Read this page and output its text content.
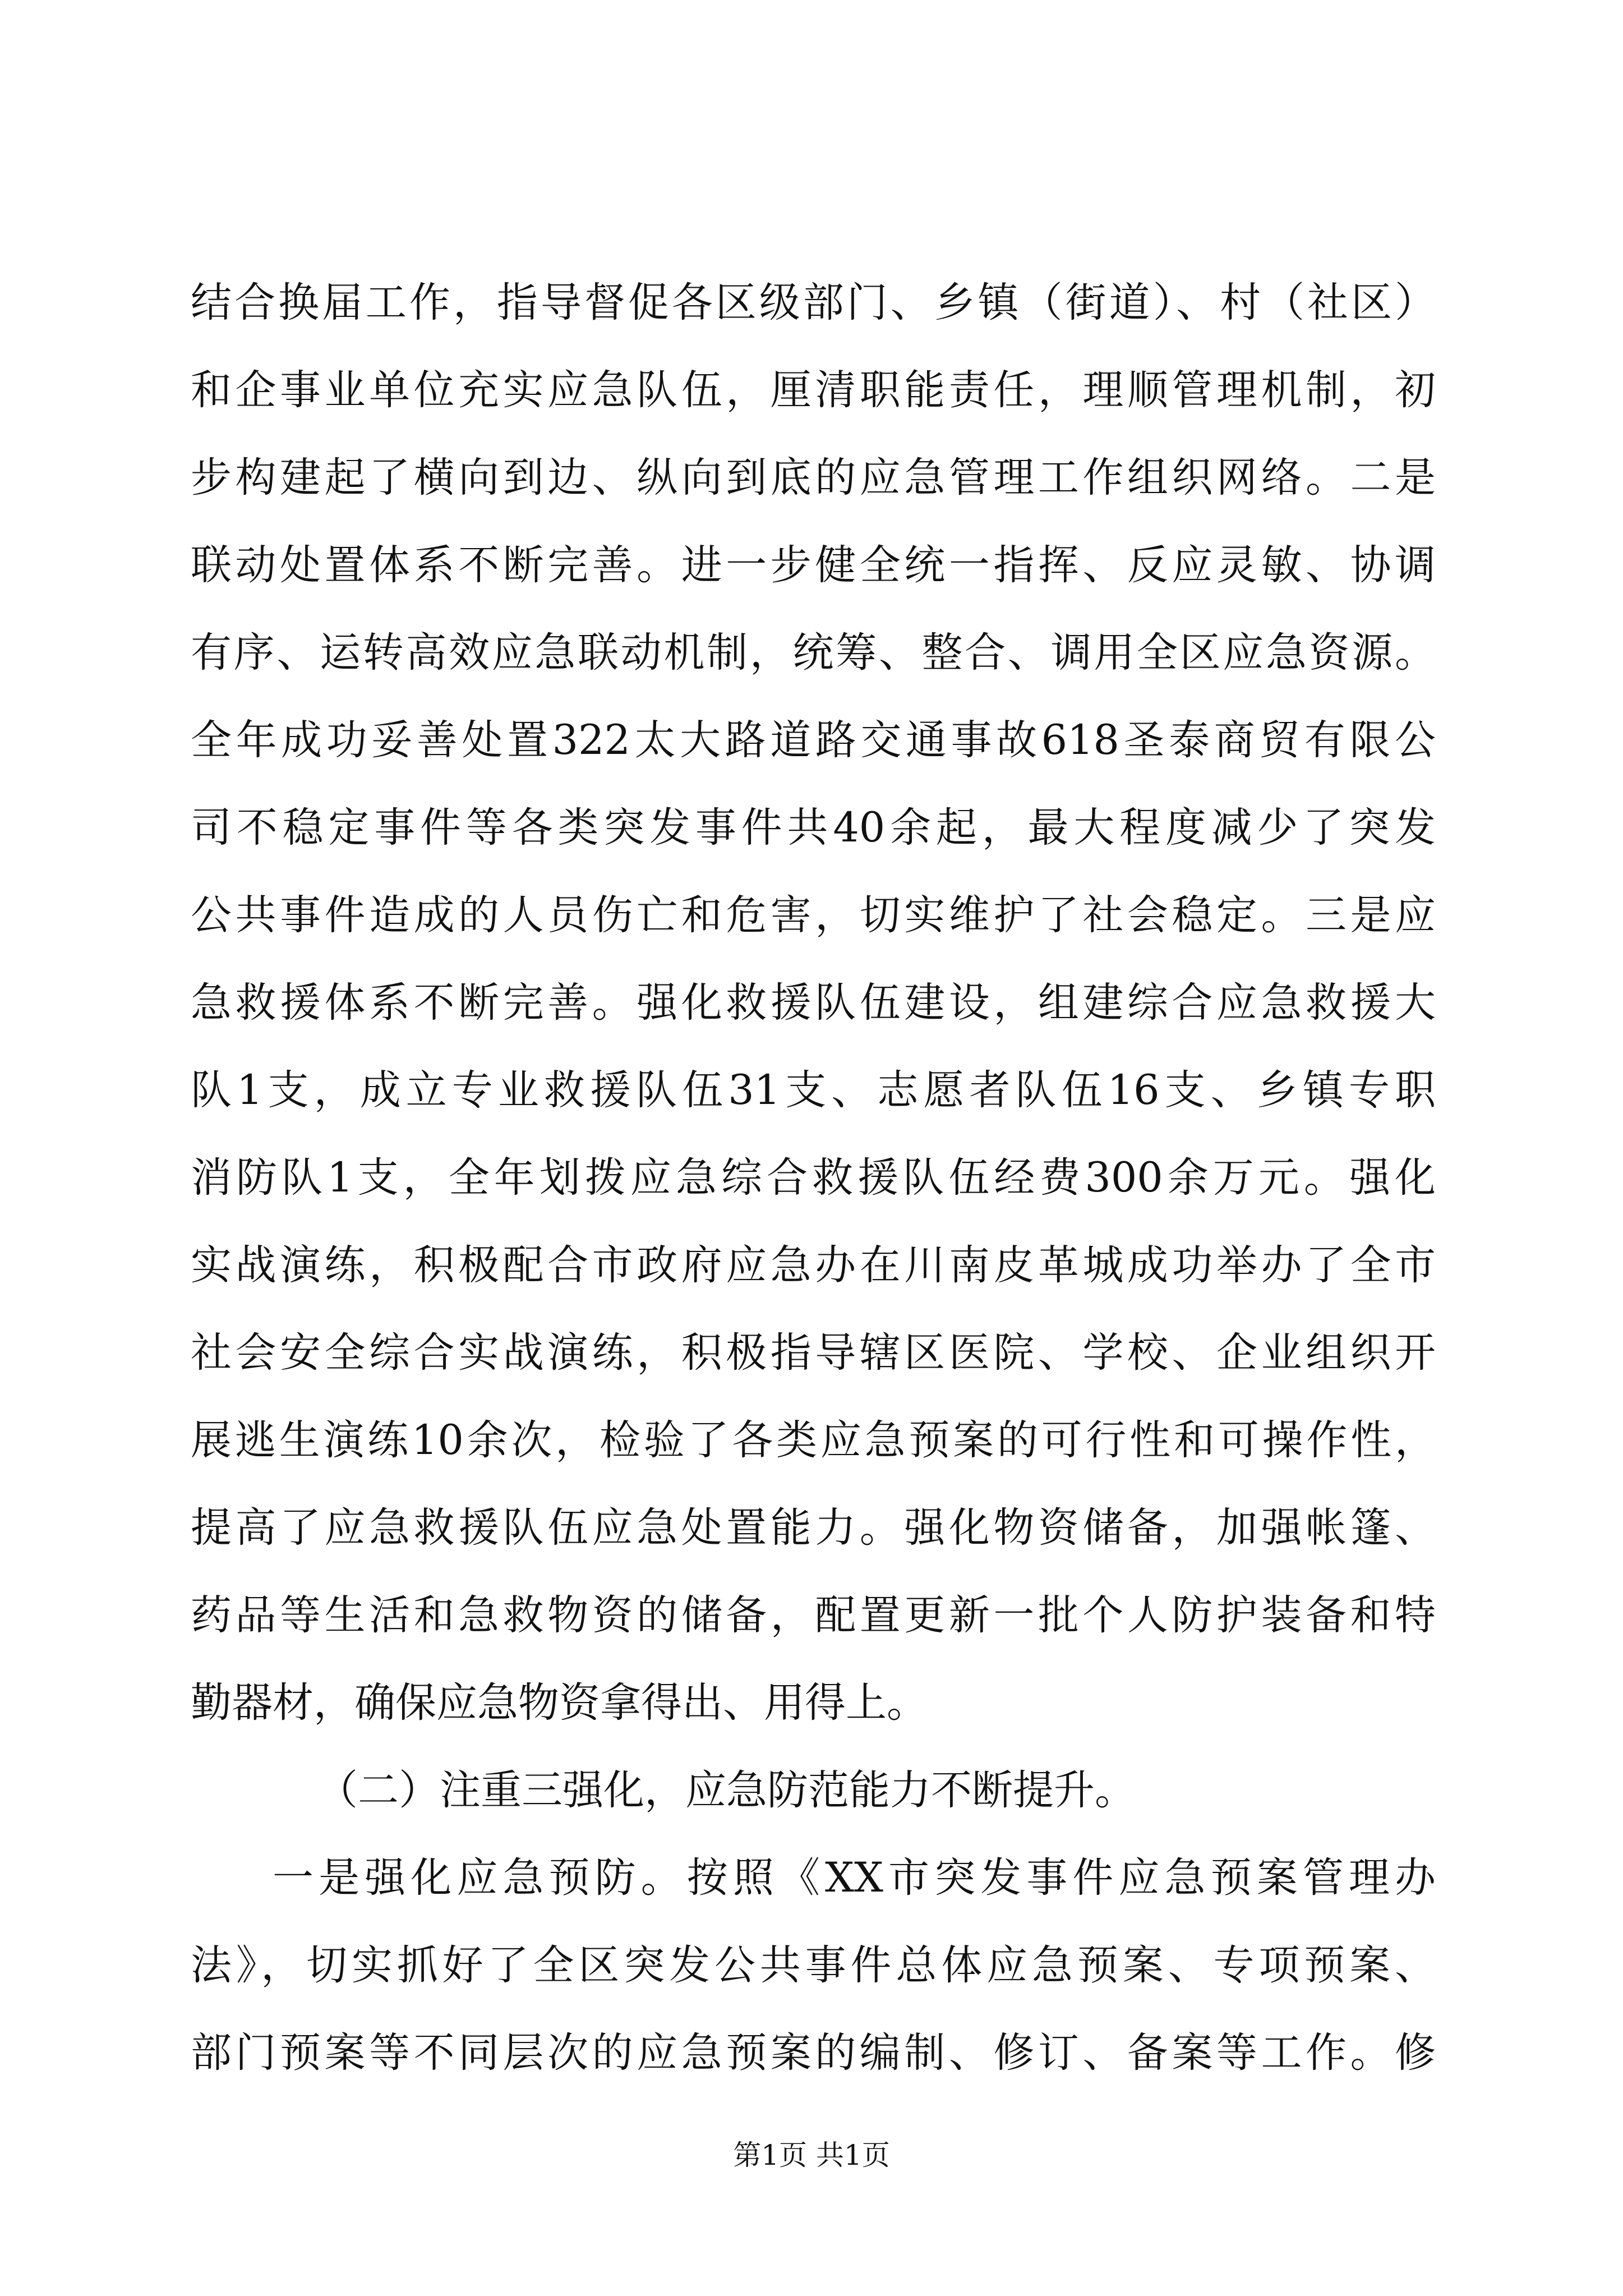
结合换届工作，指导督促各区级部门、乡镇（街道）、村（社区）
和企事业单位充实应急队伍，厘清职能责任，理顺管理机制，初
步构建起了横向到边、纵向到底的应急管理工作组织网络。二是
联动处置体系不断完善。进一步健全统一指挥、反应灵敏、协调
有序、运转高效应急联动机制，统筹、整合、调用全区应急资源。
全年成功妥善处置322太大路道路交通事故618圣泰商贸有限公
司不稳定事件等各类突发事件共40余起，最大程度减少了突发
公共事件造成的人员伤亡和危害，切实维护了社会稳定。三是应
急救援体系不断完善。强化救援队伍建设，组建综合应急救援大
队1支，成立专业救援队伍31支、志愿者队伍16支、乡镇专职
消防队1支，全年划拨应急综合救援队伍经费300余万元。强化
实战演练，积极配合市政府应急办在川南皮革城成功举办了全市
社会安全综合实战演练，积极指导辖区医院、学校、企业组织开
展逃生演练10余次，检验了各类应急预案的可行性和可操作性，
提高了应急救援队伍应急处置能力。强化物资储备，加强帐篷、
药品等生活和急救物资的储备，配置更新一批个人防护装备和特
勤器材，确保应急物资拿得出、用得上。
（二）注重三强化，应急防范能力不断提升。
一是强化应急预防。按照《XX市突发事件应急预案管理办
法》，切实抓好了全区突发公共事件总体应急预案、专项预案、
部门预案等不同层次的应急预案的编制、修订、备案等工作。修
第1页 共1页
